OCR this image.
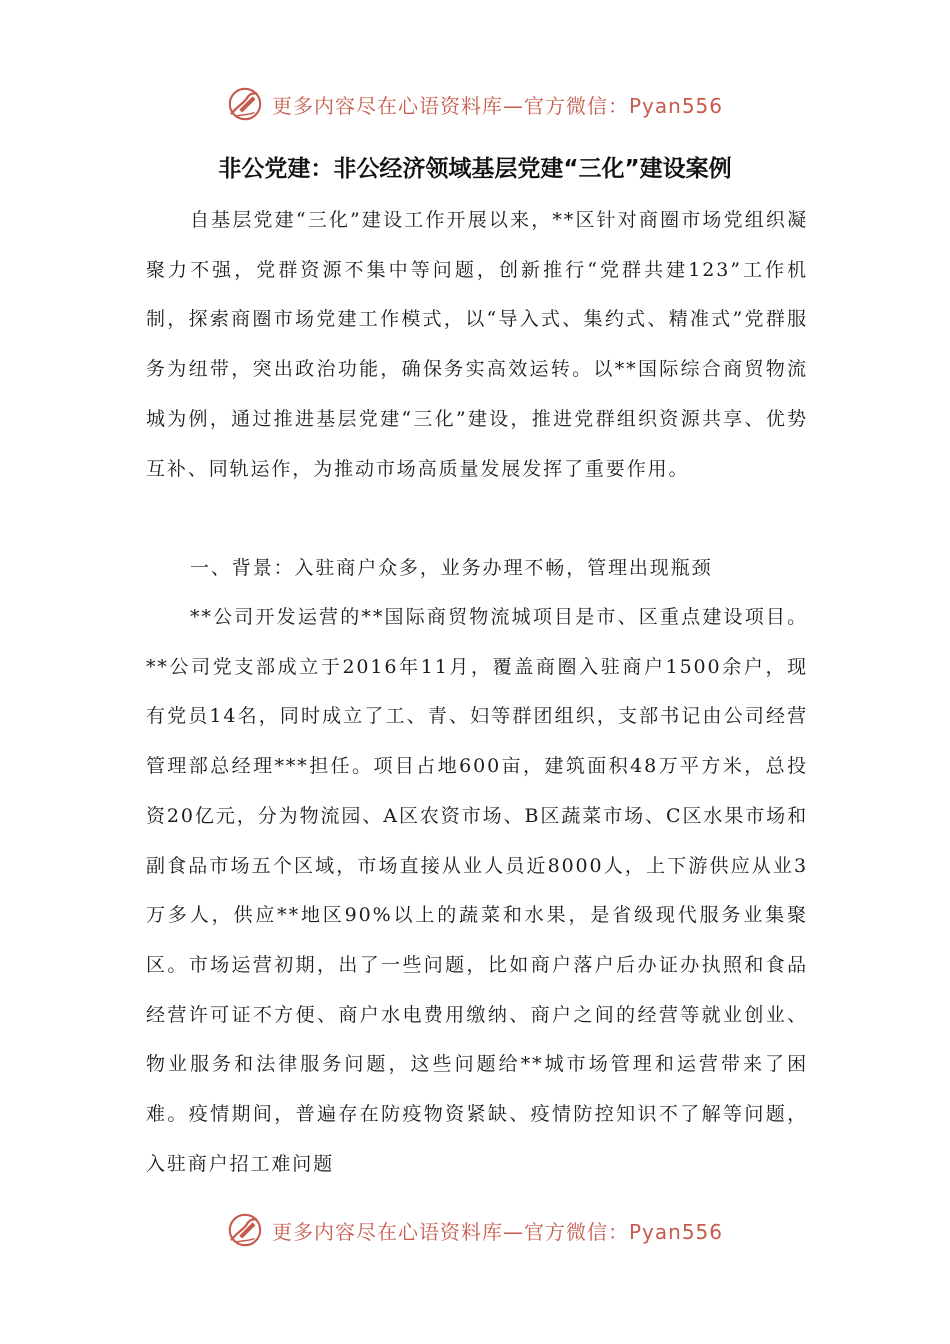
更多内容尽在心语资料库—官方微信：Pyan556
非公党建：非公经济领域基层党建“三化”建设案例

自基层党建“三化”建设工作开展以来，**区针对商圈市场党组织凝聚力不强，党群资源不集中等问题，创新推行“党群共建123”工作机制，探索商圈市场党建工作模式，以“导入式、集约式、精准式”党群服务为纽带，突出政治功能，确保务实高效运转。以**国际综合商贸物流城为例，通过推进基层党建“三化”建设，推进党群组织资源共享、优势互补、同轨运作，为推动市场高质量发展发挥了重要作用。

一、背景：入驻商户众多，业务办理不畅，管理出现瓶颈

**公司开发运营的**国际商贸物流城项目是市、区重点建设项目。**公司党支部成立于2016年11月，覆盖商圈入驻商户1500余户，现有党员14名，同时成立了工、青、妇等群团组织，支部书记由公司经营管理部总经理***担任。项目占地600亩，建筑面积48万平方米，总投资20亿元，分为物流园、A区农资市场、B区蔬菜市场、C区水果市场和副食品市场五个区域，市场直接从业人员近8000人，上下游供应从业3万多人，供应**地区90%以上的蔬菜和水果，是省级现代服务业集聚区。市场运营初期，出了一些问题，比如商户落户后办证办执照和食品经营许可证不方便、商户水电费用缴纳、商户之间的经营等就业创业、物业服务和法律服务问题，这些问题给**城市场管理和运营带来了困难。疫情期间，普遍存在防疫物资紧缺、疫情防控知识不了解等问题，入驻商户招工难问题

更多内容尽在心语资料库—官方微信：Pyan556
